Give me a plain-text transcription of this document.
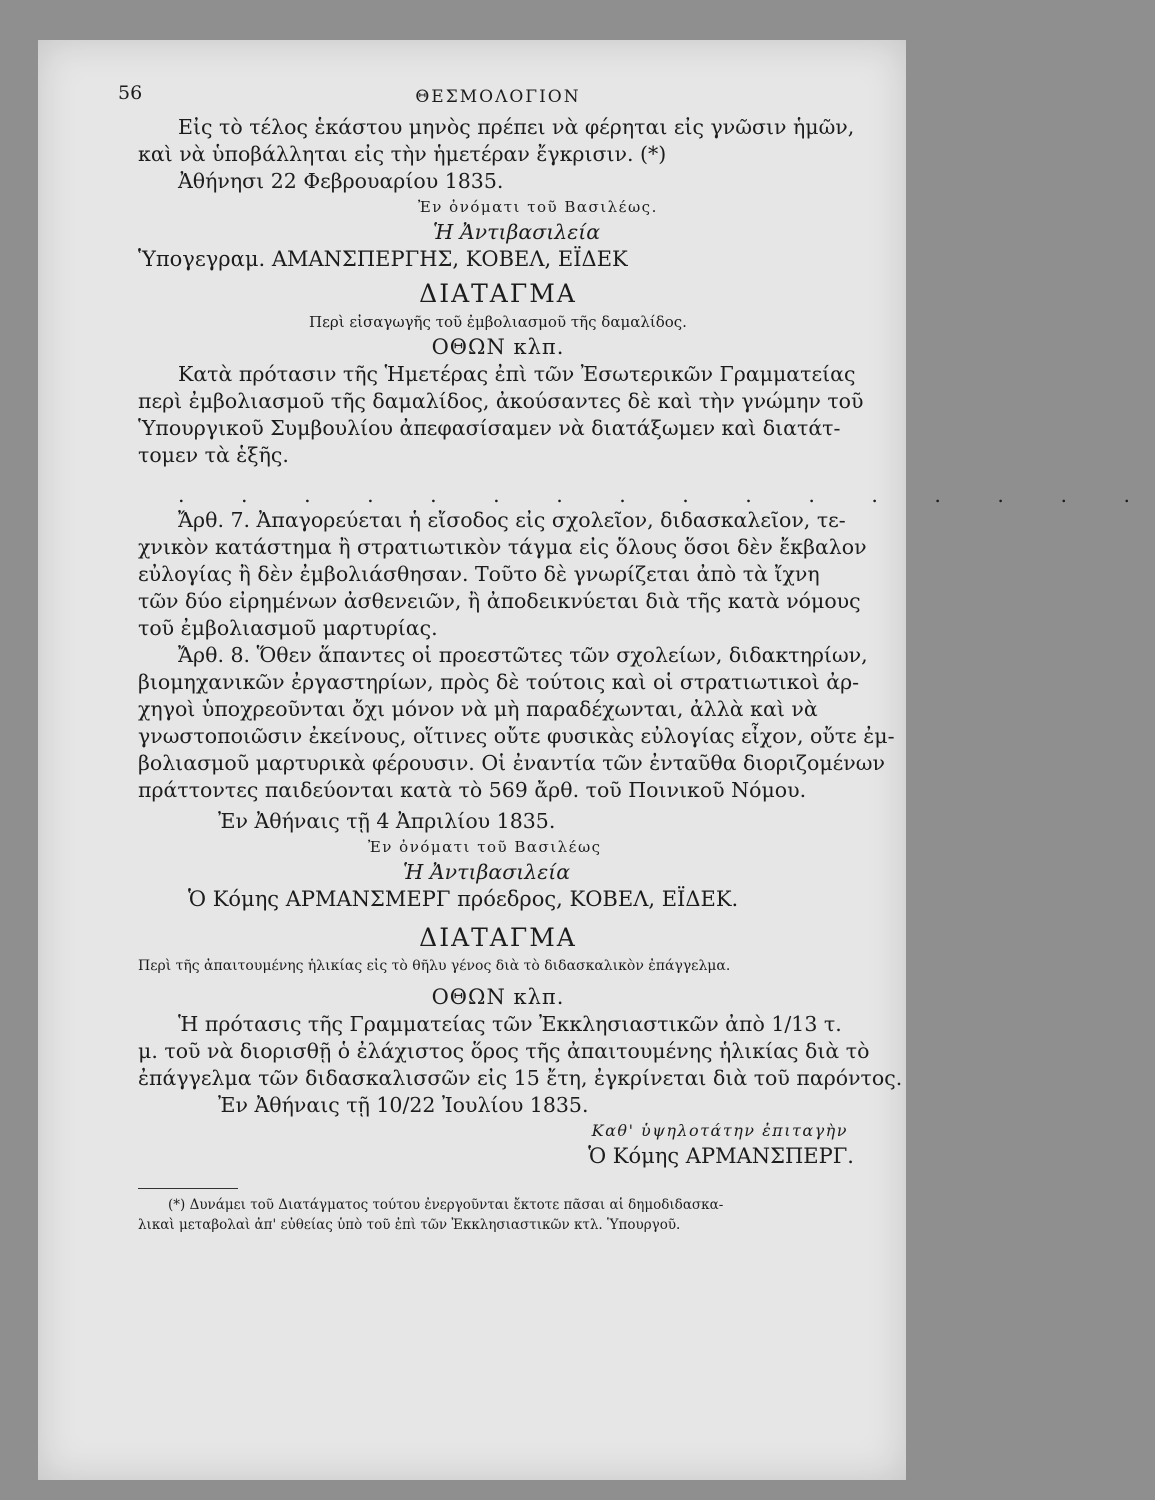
56	ΘΕΣΜΟΛΟΓΙΟΝ
Εἰς τὸ τέλος ἑκάστου μηνὸς πρέπει νὰ φέρηται εἰς γνῶσιν ἡμῶν,
καὶ νὰ ὑποβάλληται εἰς τὴν ἡμετέραν ἔγκρισιν. (*)
Ἀθήνησι 22 Φεβρουαρίου 1835.
Ἐν ὀνόματι τοῦ Βασιλέως.
Ἡ Ἀντιβασιλεία
Ὑπογεγραμ. ΑΜΑΝΣΠΕΡΓΗΣ, ΚΟΒΕΛ, ΕΪΔΕΚ
ΔΙΑΤΑΓΜΑ
Περὶ εἰσαγωγῆς τοῦ ἐμβολιασμοῦ τῆς δαμαλίδος.
ΟΘΩΝ κλπ.
Κατὰ πρότασιν τῆς Ἡμετέρας ἐπὶ τῶν Ἐσωτερικῶν Γραμματείας
περὶ ἐμβολιασμοῦ τῆς δαμαλίδος, ἀκούσαντες δὲ καὶ τὴν γνώμην τοῦ
Ὑπουργικοῦ Συμβουλίου ἀπεφασίσαμεν νὰ διατάξωμεν καὶ διατάτ-
τομεν τὰ ἑξῆς.
. . . . . . . . . . . . . . . .
Ἄρθ. 7. Ἀπαγορεύεται ἡ εἴσοδος εἰς σχολεῖον, διδασκαλεῖον, τε-
χνικὸν κατάστημα ἢ στρατιωτικὸν τάγμα εἰς ὅλους ὅσοι δὲν ἔκβαλον
εὐλογίας ἢ δὲν ἐμβολιάσθησαν. Τοῦτο δὲ γνωρίζεται ἀπὸ τὰ ἴχνη
τῶν δύο εἰρημένων ἀσθενειῶν, ἢ ἀποδεικνύεται διὰ τῆς κατὰ νόμους
τοῦ ἐμβολιασμοῦ μαρτυρίας.
Ἄρθ. 8. Ὅθεν ἅπαντες οἱ προεστῶτες τῶν σχολείων, διδακτηρίων,
βιομηχανικῶν ἐργαστηρίων, πρὸς δὲ τούτοις καὶ οἱ στρατιωτικοὶ ἀρ-
χηγοὶ ὑποχρεοῦνται ὄχι μόνον νὰ μὴ παραδέχωνται, ἀλλὰ καὶ νὰ
γνωστοποιῶσιν ἐκείνους, οἵτινες οὔτε φυσικὰς εὐλογίας εἶχον, οὔτε ἐμ-
βολιασμοῦ μαρτυρικὰ φέρουσιν. Οἱ ἐναντία τῶν ἐνταῦθα διοριζομένων
πράττοντες παιδεύονται κατὰ τὸ 569 ἄρθ. τοῦ Ποινικοῦ Νόμου.
Ἐν Ἀθήναις τῇ 4 Ἀπριλίου 1835.
Ἐν ὀνόματι τοῦ Βασιλέως
Ἡ Ἀντιβασιλεία
Ὁ Κόμης ΑΡΜΑΝΣΜΕΡΓ πρόεδρος, ΚΟΒΕΛ, ΕΪΔΕΚ.
ΔΙΑΤΑΓΜΑ
Περὶ τῆς ἀπαιτουμένης ἡλικίας εἰς τὸ θῆλυ γένος διὰ τὸ διδασκαλικὸν ἐπάγγελμα.
ΟΘΩΝ κλπ.
Ἡ πρότασις τῆς Γραμματείας τῶν Ἐκκλησιαστικῶν ἀπὸ 1/13 τ.
μ. τοῦ νὰ διορισθῇ ὁ ἐλάχιστος ὅρος τῆς ἀπαιτουμένης ἡλικίας διὰ τὸ
ἐπάγγελμα τῶν διδασκαλισσῶν εἰς 15 ἔτη, ἐγκρίνεται διὰ τοῦ παρόντος.
Ἐν Ἀθήναις τῇ 10/22 Ἰουλίου 1835.
Καθ' ὑψηλοτάτην ἐπιταγὴν
Ὁ Κόμης ΑΡΜΑΝΣΠΕΡΓ.
(*) Δυνάμει τοῦ Διατάγματος τούτου ἐνεργοῦνται ἔκτοτε πᾶσαι αἱ δημοδιδασκα-
λικαὶ μεταβολαὶ ἀπ' εὐθείας ὑπὸ τοῦ ἐπὶ τῶν Ἐκκλησιαστικῶν κτλ. Ὑπουργοῦ.
